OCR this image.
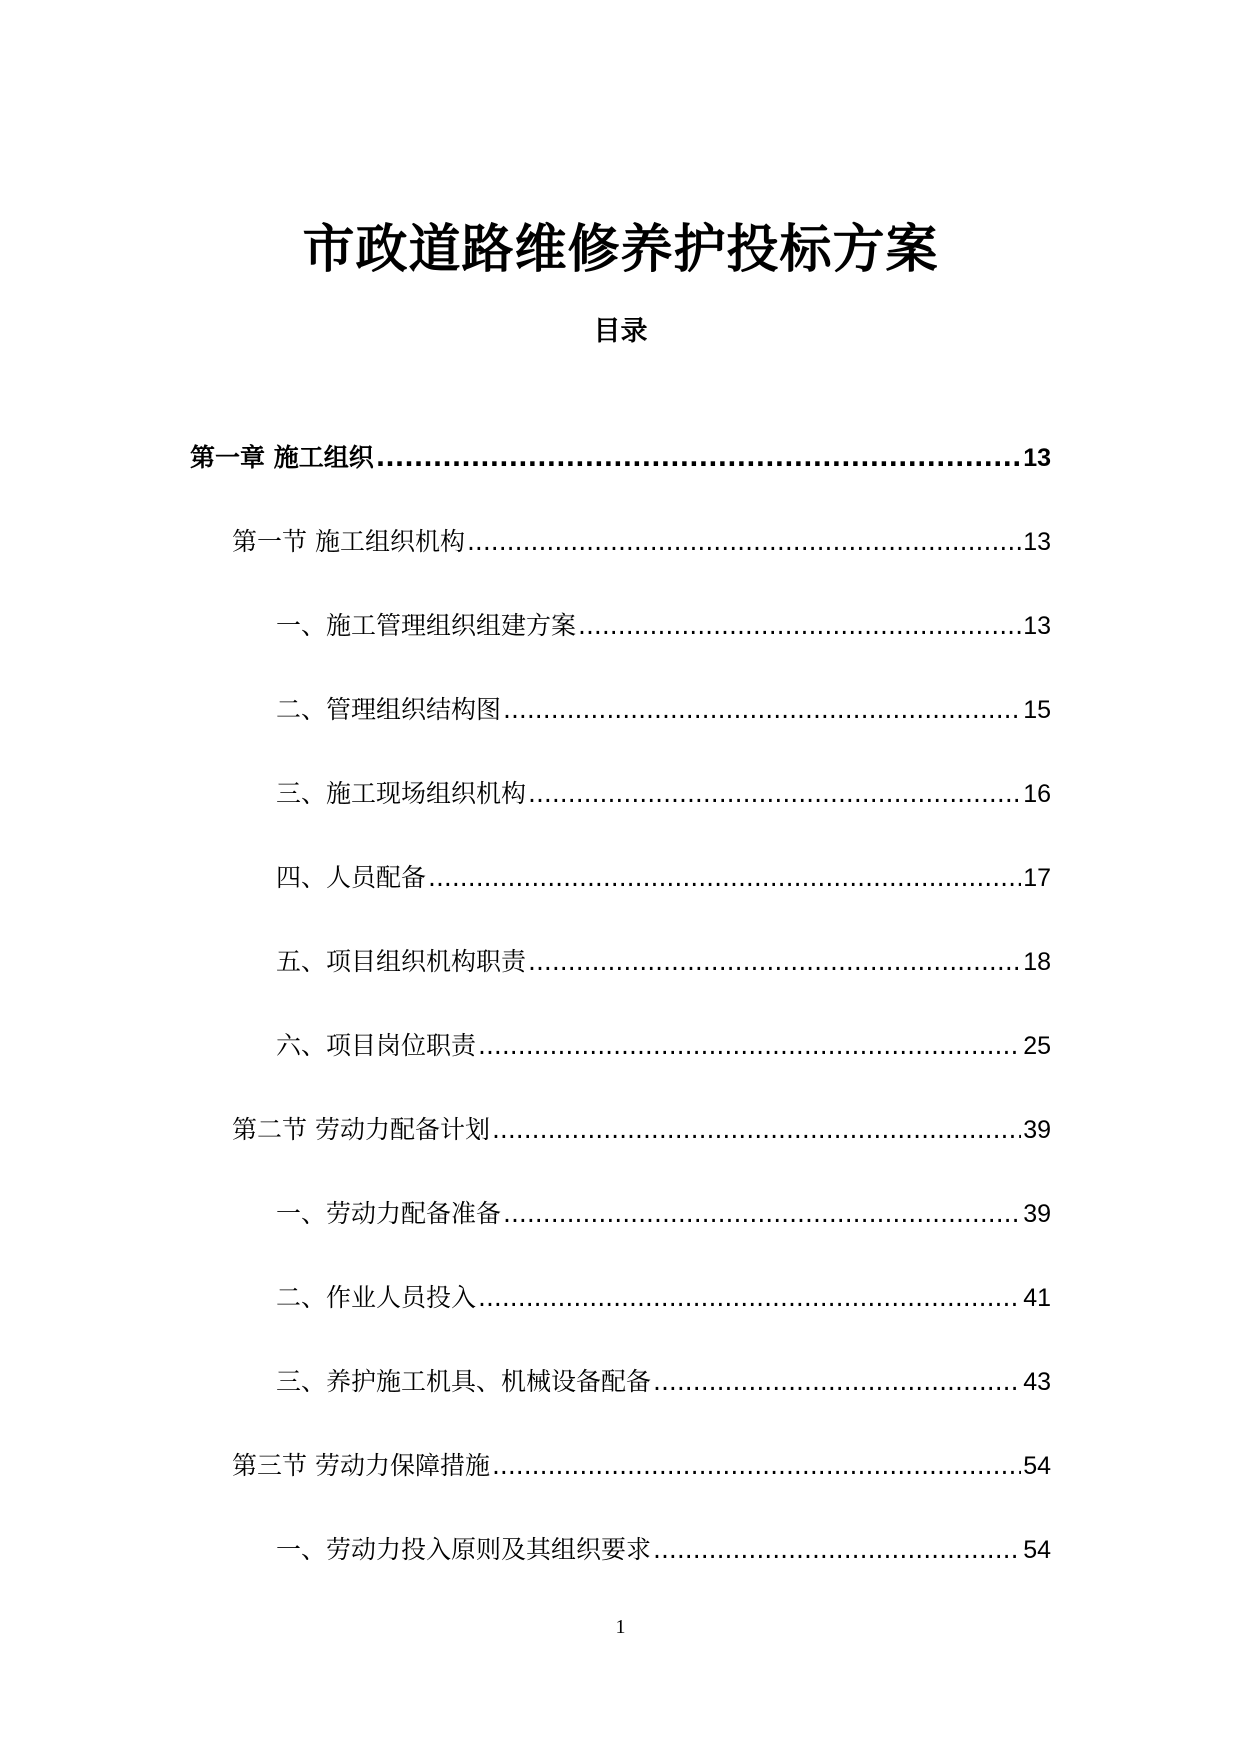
市政道路维修养护投标方案
目录
第一章 施工组织 .....	13
第一节 施工组织机构 .....	13
一、施工管理组织组建方案 .....	13
二、管理组织结构图 .....	15
三、施工现场组织机构 .....	16
四、人员配备 .....	17
五、项目组织机构职责 .....	18
六、项目岗位职责 .....	25
第二节 劳动力配备计划 .....	39
一、劳动力配备准备 .....	39
二、作业人员投入 .....	41
三、养护施工机具、机械设备配备 .....	43
第三节 劳动力保障措施 .....	54
一、劳动力投入原则及其组织要求 .....	54
1
